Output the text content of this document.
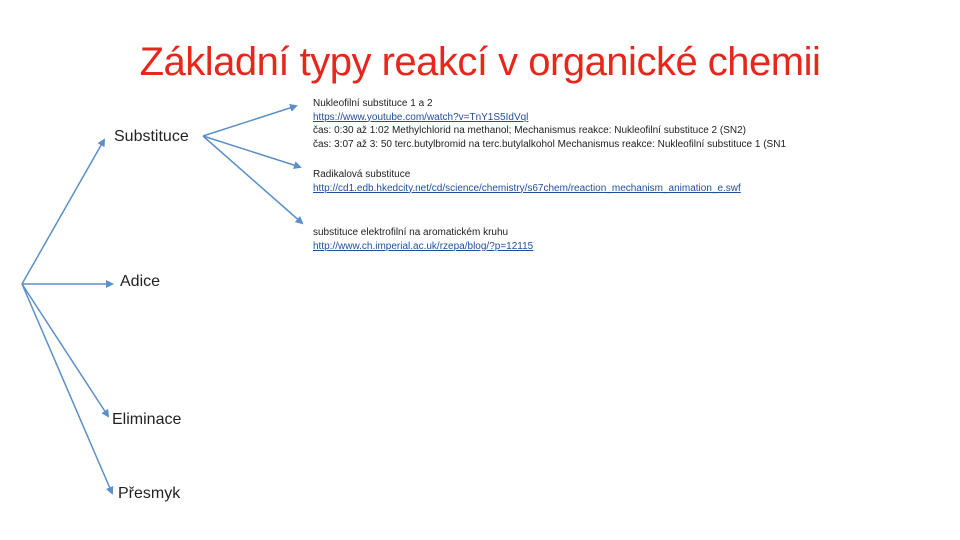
Základní typy reakcí v organické chemii
Substituce
Adice
Eliminace
Přesmyk
Nukleofilní substituce 1 a 2
https://www.youtube.com/watch?v=TnY1S5IdVql
čas: 0:30 až 1:02 Methylchlorid na methanol; Mechanismus reakce: Nukleofilní substituce 2 (SN2)
čas: 3:07 až 3: 50 terc.butylbromid na terc.butylalkohol Mechanismus reakce: Nukleofilní substituce 1 (SN1
Radikalová substituce
http://cd1.edb.hkedcity.net/cd/science/chemistry/s67chem/reaction_mechanism_animation_e.swf
substituce elektrofilní na aromatickém kruhu
http://www.ch.imperial.ac.uk/rzepa/blog/?p=12115
